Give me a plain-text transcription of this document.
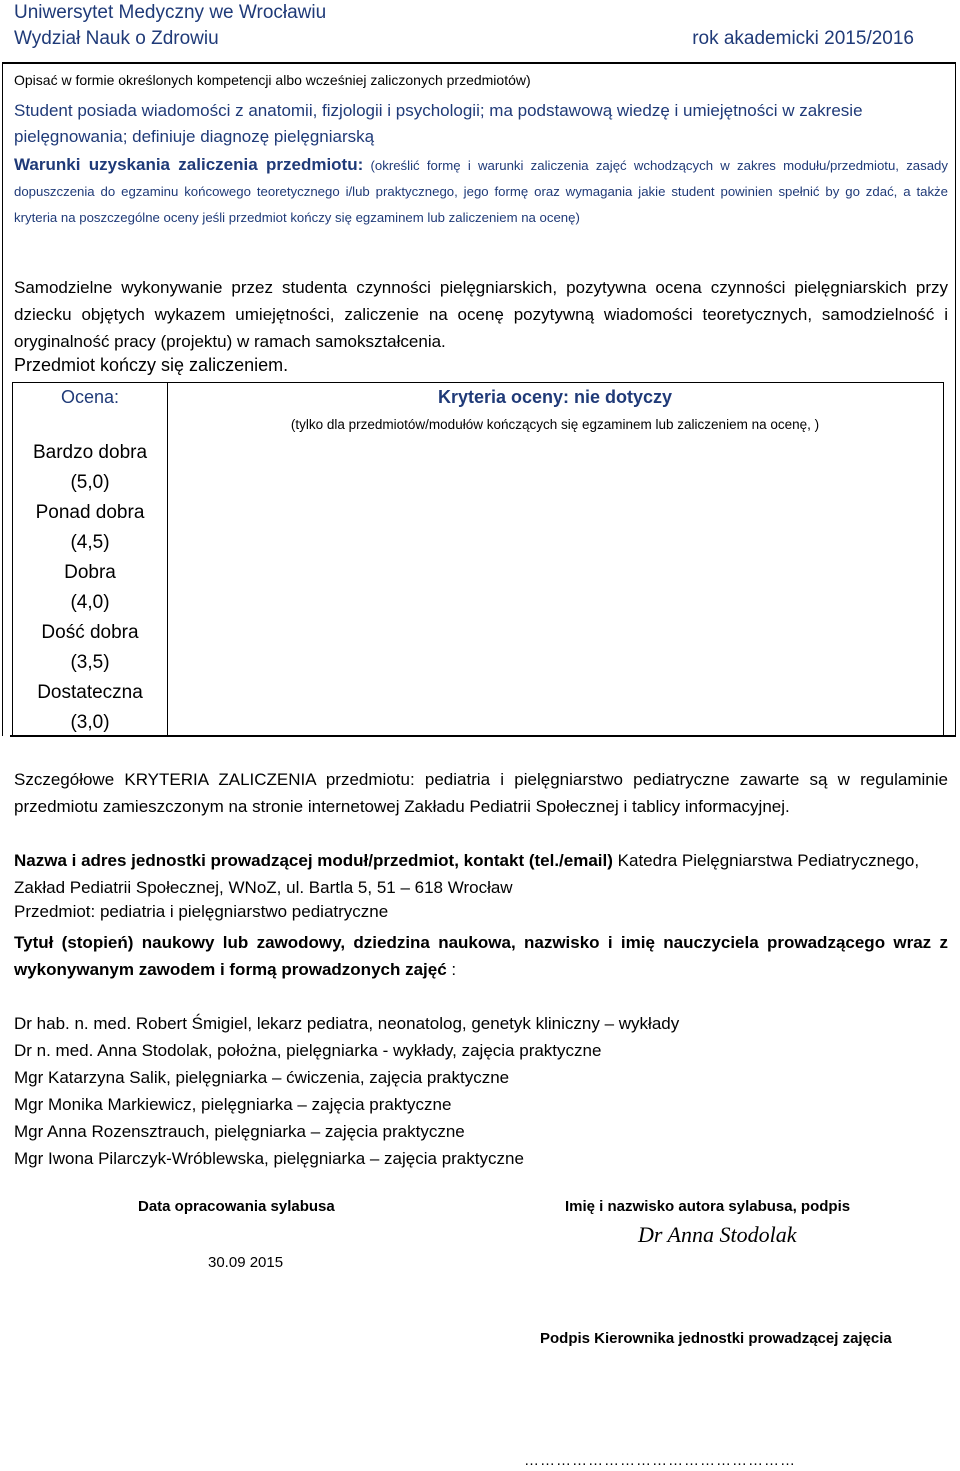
Uniwersytet Medyczny we Wrocławiu
Wydział Nauk o Zdrowiu	rok akademicki 2015/2016
Opisać w formie określonych kompetencji albo wcześniej zaliczonych przedmiotów)
Student posiada wiadomości z anatomii, fizjologii i psychologii; ma podstawową wiedzę i umiejętności w zakresie pielęgnowania; definiuje diagnozę pielęgniarską
Warunki uzyskania zaliczenia przedmiotu: (określić formę i warunki zaliczenia zajęć wchodzących w zakres modułu/przedmiotu, zasady dopuszczenia do egzaminu końcowego teoretycznego i/lub praktycznego, jego formę oraz wymagania jakie student powinien spełnić by go zdać, a także kryteria na poszczególne oceny jeśli przedmiot kończy się egzaminem lub zaliczeniem na ocenę)
Samodzielne wykonywanie przez studenta czynności pielęgniarskich, pozytywna ocena czynności pielęgniarskich przy dziecku objętych wykazem umiejętności, zaliczenie na ocenę pozytywną wiadomości teoretycznych, samodzielność i oryginalność pracy (projektu) w ramach samokształcenia.
Przedmiot kończy się zaliczeniem.
Ocena:
Bardzo dobra
(5,0)
Ponad dobra
(4,5)
Dobra
(4,0)
Dość dobra
(3,5)
Dostateczna
(3,0)
Kryteria oceny: nie dotyczy
(tylko dla przedmiotów/modułów kończących się egzaminem lub zaliczeniem na ocenę, )
Szczegółowe KRYTERIA ZALICZENIA przedmiotu: pediatria i pielęgniarstwo pediatryczne zawarte są w regulaminie przedmiotu zamieszczonym na stronie internetowej Zakładu Pediatrii Społecznej i tablicy informacyjnej.
Nazwa i adres jednostki prowadzącej moduł/przedmiot, kontakt (tel./email) Katedra Pielęgniarstwa Pediatrycznego, Zakład Pediatrii Społecznej, WNoZ, ul. Bartla 5, 51 – 618 Wrocław
Przedmiot: pediatria i pielęgniarstwo pediatryczne
Tytuł (stopień) naukowy lub zawodowy, dziedzina naukowa, nazwisko i imię nauczyciela prowadzącego wraz z wykonywanym zawodem i formą prowadzonych zajęć :
Dr hab. n. med. Robert Śmigiel, lekarz pediatra, neonatolog, genetyk kliniczny – wykłady
Dr n. med. Anna Stodolak, położna, pielęgniarka - wykłady, zajęcia praktyczne
Mgr Katarzyna Salik, pielęgniarka – ćwiczenia, zajęcia praktyczne
Mgr Monika Markiewicz, pielęgniarka – zajęcia praktyczne
Mgr Anna Rozensztrauch, pielęgniarka – zajęcia praktyczne
Mgr Iwona Pilarczyk-Wróblewska, pielęgniarka – zajęcia praktyczne
Data opracowania sylabusa
30.09 2015
Imię i nazwisko autora sylabusa, podpis
Dr Anna Stodolak
Podpis Kierownika jednostki prowadzącej zajęcia
……………………………………………
